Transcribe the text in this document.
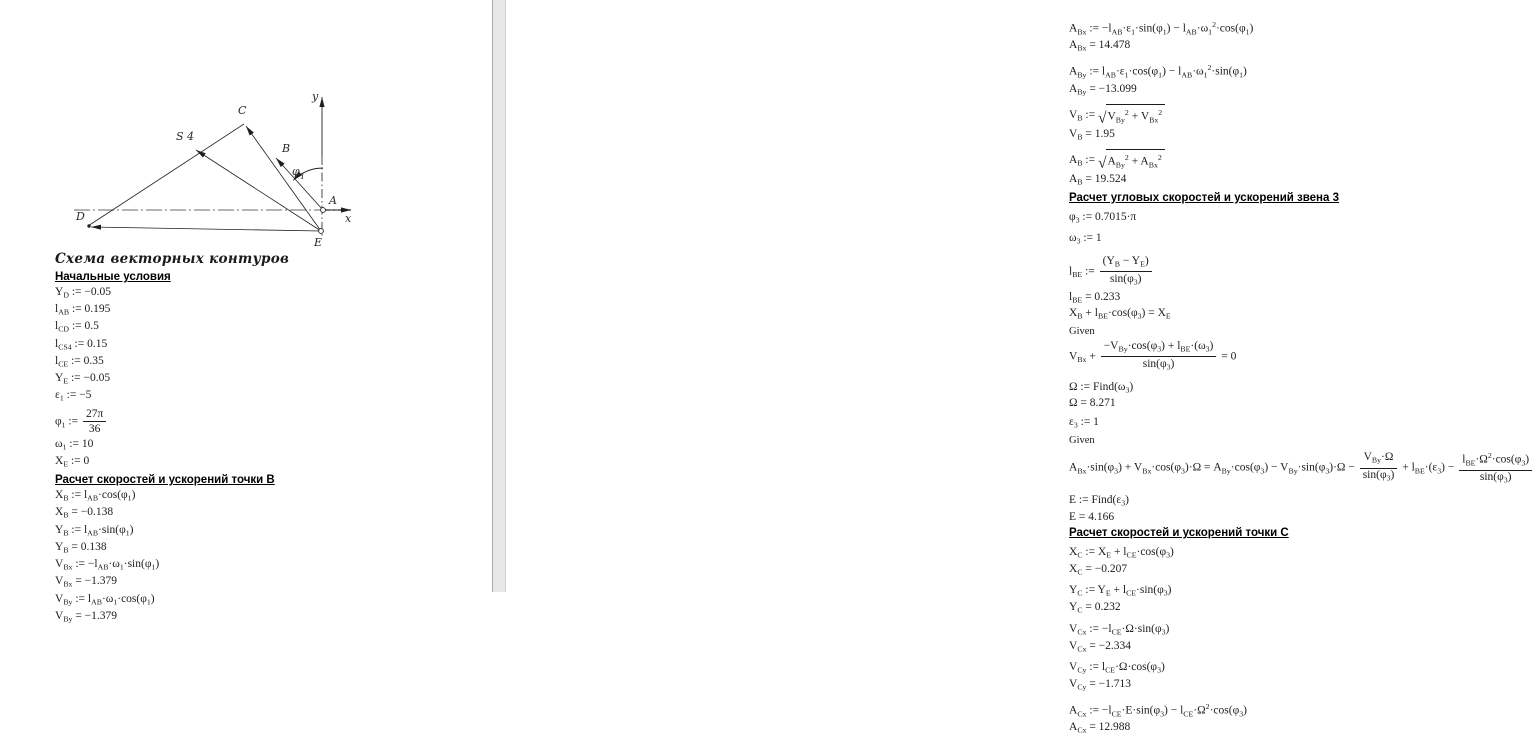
C
S 4
B
D
A
E
y
x
φ 1
Схема векторных контуров
Начальные условия
$Y_D$ := −0.05
$l_{AB}$ := 0.195
$l_{CD}$ := 0.5
$l_{CS4}$ := 0.15
$l_{CE}$ := 0.35
$Y_E$ := −0.05
$\varepsilon_1$ := −5
$\varphi_1$ := $\frac{27\pi}{36}$
$\omega_1$ := 10
$X_E$ := 0
Расчет скоростей и ускорений точки B
$X_B$ := $l_{AB}\cdot\cos(\varphi_1)$
$X_B = -0.138$
$Y_B$ := $l_{AB}\cdot\sin(\varphi_1)$
$Y_B = 0.138$
$V_{Bx}$ := $-l_{AB}\cdot\omega_1\cdot\sin(\varphi_1)$
$V_{Bx} = -1.379$
$V_{By}$ := $l_{AB}\cdot\omega_1\cdot\cos(\varphi_1)$
$V_{By} = -1.379$
$A_{Bx}$ := $-l_{AB}\cdot\varepsilon_1\cdot\sin(\varphi_1) - l_{AB}\cdot\omega_1^2\cdot\cos(\varphi_1)$
$A_{Bx} = 14.478$
$A_{By}$ := $l_{AB}\cdot\varepsilon_1\cdot\cos(\varphi_1) - l_{AB}\cdot\omega_1^2\cdot\sin(\varphi_1)$
$A_{By} = -13.099$
$V_B$ := $√V_{By}^2 + V_{Bx}^2$
$V_B = 1.95$
$A_B$ := $√A_{By}^2 + A_{Bx}^2$
$A_B = 19.524$
Расчет угловых скоростей и ускорений звена 3
$\varphi_3$ := 0.7015·π
$\omega_3$ := 1
$l_{BE}$ := $\frac{(Y_B - Y_E)}{\sin(\varphi_3)}$
$l_{BE} = 0.233$
$X_B + l_{BE}\cdot\cos(\varphi_3) = X_E$
Given
$V_{Bx} + \frac{-V_{By}\cdot\cos(\varphi_3) + l_{BE}\cdot(\omega_3)}{\sin(\varphi_3)} = 0$
Ω := $Find(\omega_3)$
Ω = 8.271
$\varepsilon_3$ := 1
Given
$A_{Bx}\cdot\sin(\varphi_3) + V_{Bx}\cdot\cos(\varphi_3)\cdot\Omega = A_{By}\cdot\cos(\varphi_3) - V_{By}\cdot\sin(\varphi_3)\cdot\Omega - \frac{V_{By}\cdot\Omega}{\sin(\varphi_3)} + l_{BE}\cdot(\varepsilon_3) - \frac{l_{BE}\cdot\Omega^2\cdot\cos(\varphi_3)}{\sin(\varphi_3)}$
E := $Find(\varepsilon_3)$
E = 4.166
Расчет скоростей и ускорений точки C
$X_C$ := $X_E + l_{CE}\cdot\cos(\varphi_3)$
$X_C = -0.207$
$Y_C$ := $Y_E + l_{CE}\cdot\sin(\varphi_3)$
$Y_C = 0.232$
$V_{Cx}$ := $-l_{CE}\cdot\Omega\cdot\sin(\varphi_3)$
$V_{Cx} = -2.334$
$V_{Cy}$ := $l_{CE}\cdot\Omega\cdot\cos(\varphi_3)$
$V_{Cy} = -1.713$
$A_{Cx}$ := $-l_{CE}\cdot E\cdot\sin(\varphi_3) - l_{CE}\cdot\Omega^2\cdot\cos(\varphi_3)$
$A_{Cx} = 12.988$
